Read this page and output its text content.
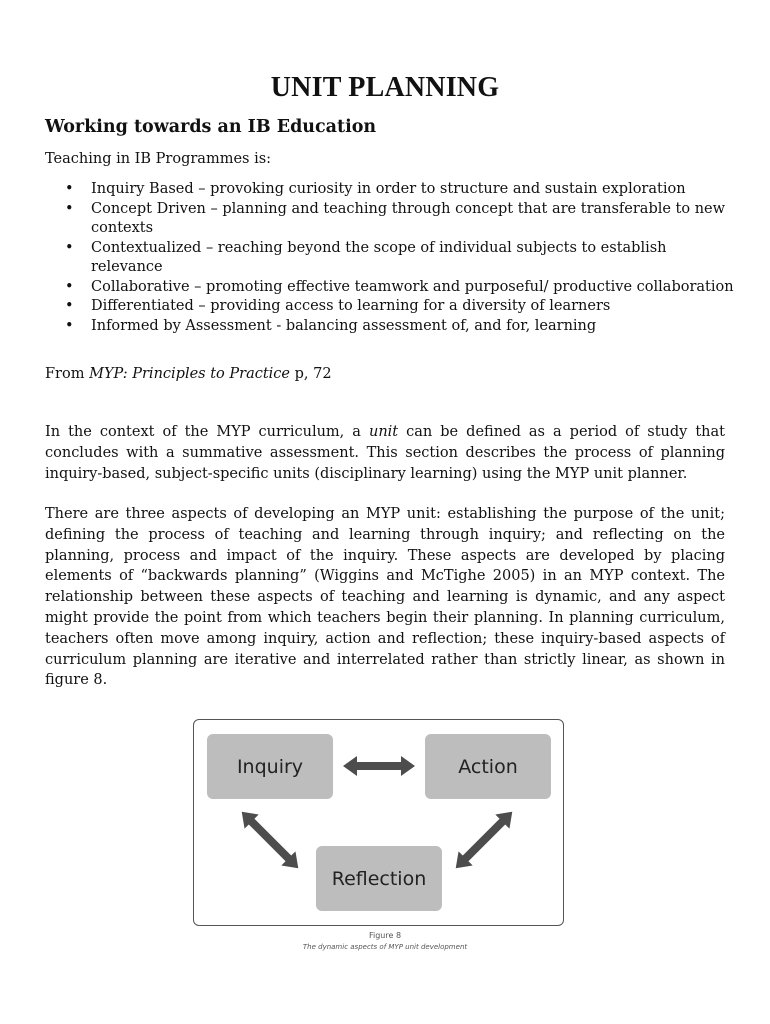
UNIT PLANNING
Working towards an IB Education
Teaching in IB Programmes is:
• Inquiry Based – provoking curiosity in order to structure and sustain exploration
• Concept Driven – planning and teaching through concept that are transferable to new contexts
• Contextualized – reaching beyond the scope of individual subjects to establish relevance
• Collaborative – promoting effective teamwork and purposeful/ productive collaboration
• Differentiated – providing access to learning for a diversity of learners
• Informed by Assessment - balancing assessment of, and for, learning
From MYP: Principles to Practice p, 72

In the context of the MYP curriculum, a unit can be defined as a period of study that concludes with a summative assessment. This section describes the process of planning inquiry-based, subject-specific units (disciplinary learning) using the MYP unit planner.

There are three aspects of developing an MYP unit: establishing the purpose of the unit; defining the process of teaching and learning through inquiry; and reflecting on the planning, process and impact of the inquiry. These aspects are developed by placing elements of “backwards planning” (Wiggins and McTighe 2005) in an MYP context. The relationship between these aspects of teaching and learning is dynamic, and any aspect might provide the point from which teachers begin their planning. In planning curriculum, teachers often move among inquiry, action and reflection; these inquiry-based aspects of curriculum planning are iterative and interrelated rather than strictly linear, as shown in figure 8.

Inquiry	Action
Reflection
Figure 8
The dynamic aspects of MYP unit development
